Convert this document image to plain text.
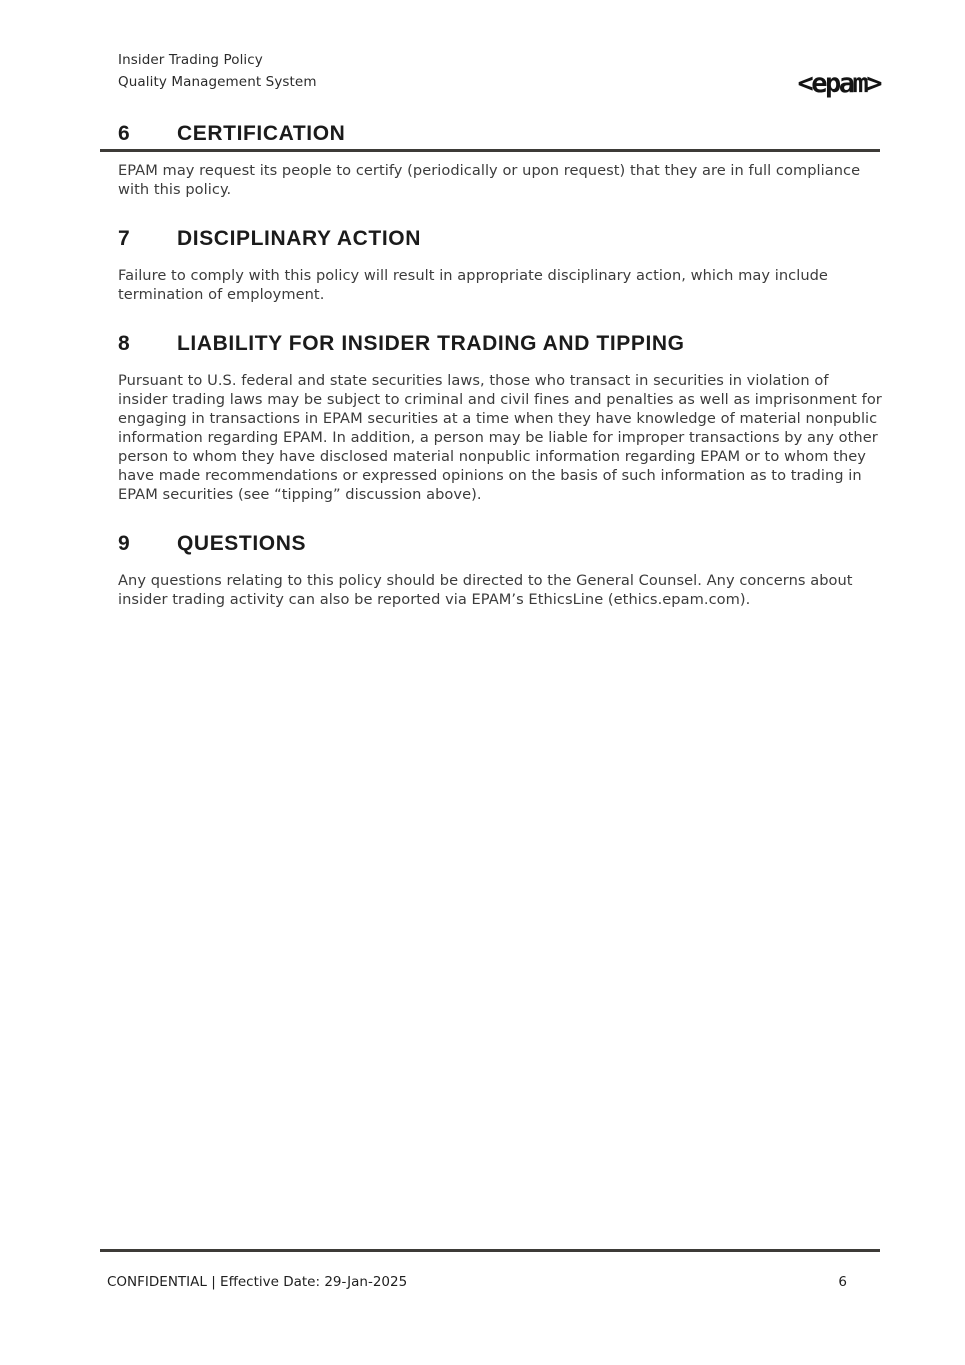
Insider Trading Policy
Quality Management System	<epam>
6	CERTIFICATION

EPAM may request its people to certify (periodically or upon request) that they are in full compliance with this policy.

7	DISCIPLINARY ACTION

Failure to comply with this policy will result in appropriate disciplinary action, which may include termination of employment.

8	LIABILITY FOR INSIDER TRADING AND TIPPING

Pursuant to U.S. federal and state securities laws, those who transact in securities in violation of insider trading laws may be subject to criminal and civil fines and penalties as well as imprisonment for engaging in transactions in EPAM securities at a time when they have knowledge of material nonpublic information regarding EPAM. In addition, a person may be liable for improper transactions by any other person to whom they have disclosed material nonpublic information regarding EPAM or to whom they have made recommendations or expressed opinions on the basis of such information as to trading in EPAM securities (see “tipping” discussion above).

9	QUESTIONS

Any questions relating to this policy should be directed to the General Counsel. Any concerns about insider trading activity can also be reported via EPAM’s EthicsLine (ethics.epam.com).

CONFIDENTIAL | Effective Date: 29-Jan-2025	6
